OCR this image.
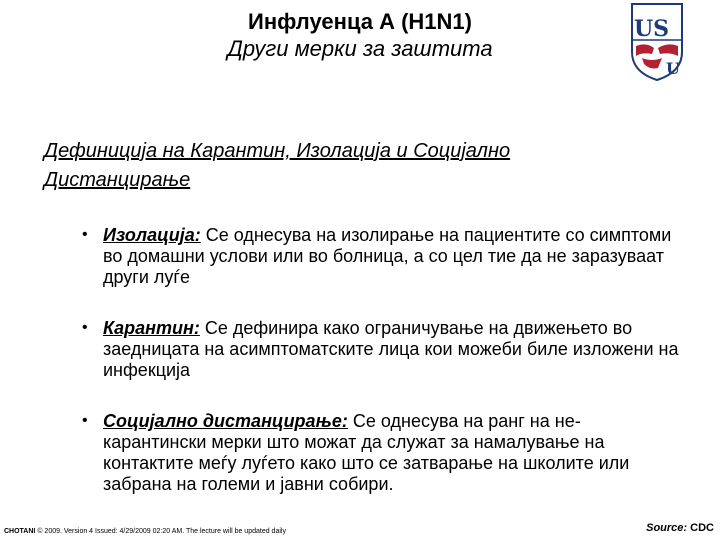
Инфлуенца А (H1N1)
Други мерки за заштита
US
U
Дефиниција на Карантин, Изолација и Социјално Дистанцирање
• Изолација: Се однесува на изолирање на пациентите со симптоми во домашни услови или во болница, а со цел тие да не заразуваат други луѓе
• Карантин: Се дефинира како ограничување на движењето во заедницата на асимптоматските лица кои можеби биле изложени на инфекција
• Социјално дистанцирање: Се однесува на ранг на не-карантински мерки што можат да служат за намалување на контактите меѓу луѓето како што се затварање на школите или забрана на големи и јавни собири.
CHOTANI © 2009. Version 4 Issued: 4/29/2009 02:20 AM. The lecture will be updated daily	Source: CDC
